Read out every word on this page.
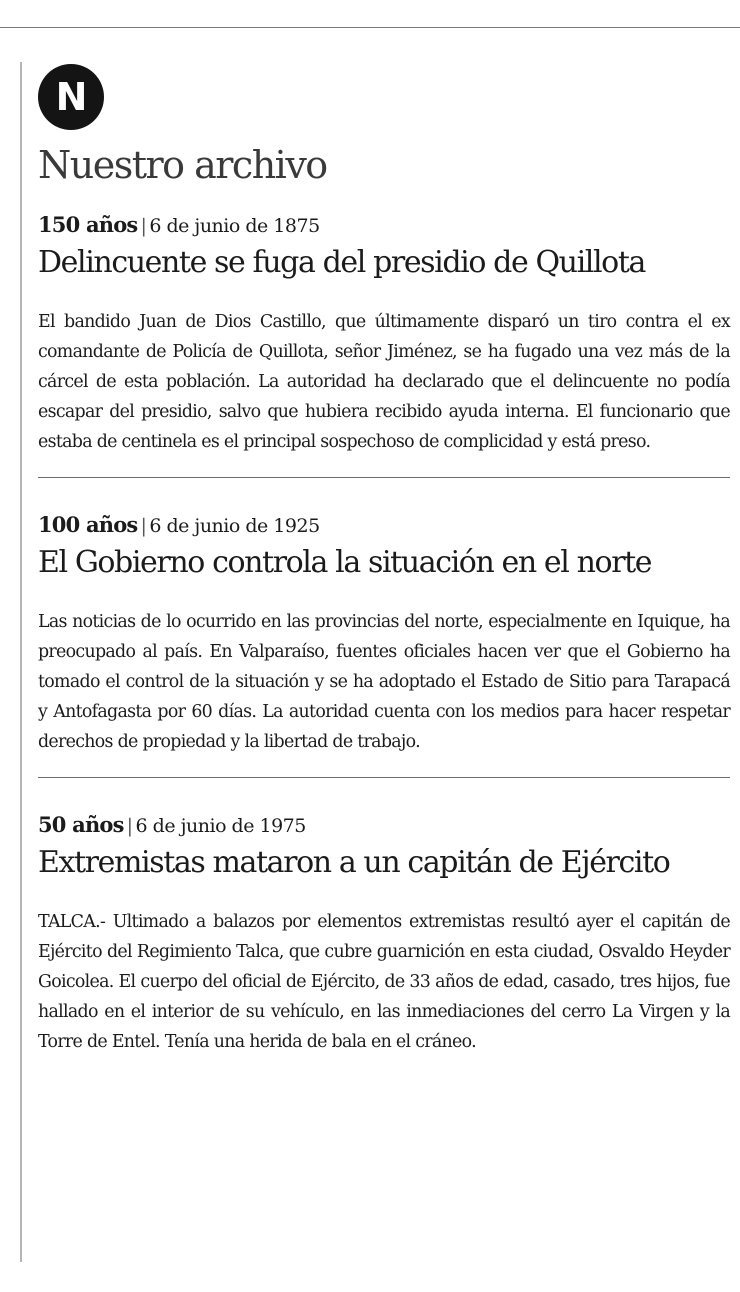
N
Nuestro archivo
150 años | 6 de junio de 1875
Delincuente se fuga del presidio de Quillota

El bandido Juan de Dios Castillo, que últimamente disparó un tiro contra el ex comandante de Policía de Quillota, señor Jiménez, se ha fugado una vez más de la cárcel de esta población. La autoridad ha declarado que el delincuente no podía escapar del presidio, salvo que hubiera recibido ayuda interna. El funcionario que estaba de centinela es el principal sospechoso de complicidad y está preso.

100 años | 6 de junio de 1925
El Gobierno controla la situación en el norte

Las noticias de lo ocurrido en las provincias del norte, especialmente en Iquique, ha preocupado al país. En Valparaíso, fuentes oficiales hacen ver que el Gobierno ha tomado el control de la situación y se ha adoptado el Estado de Sitio para Tarapacá y Antofagasta por 60 días. La autoridad cuenta con los medios para hacer respetar derechos de propiedad y la libertad de trabajo.

50 años | 6 de junio de 1975
Extremistas mataron a un capitán de Ejército

TALCA.- Ultimado a balazos por elementos extremistas resultó ayer el capitán de Ejército del Regimiento Talca, que cubre guarnición en esta ciudad, Osvaldo Heyder Goicolea. El cuerpo del oficial de Ejército, de 33 años de edad, casado, tres hijos, fue hallado en el interior de su vehículo, en las inmediaciones del cerro La Virgen y la Torre de Entel. Tenía una herida de bala en el cráneo.
